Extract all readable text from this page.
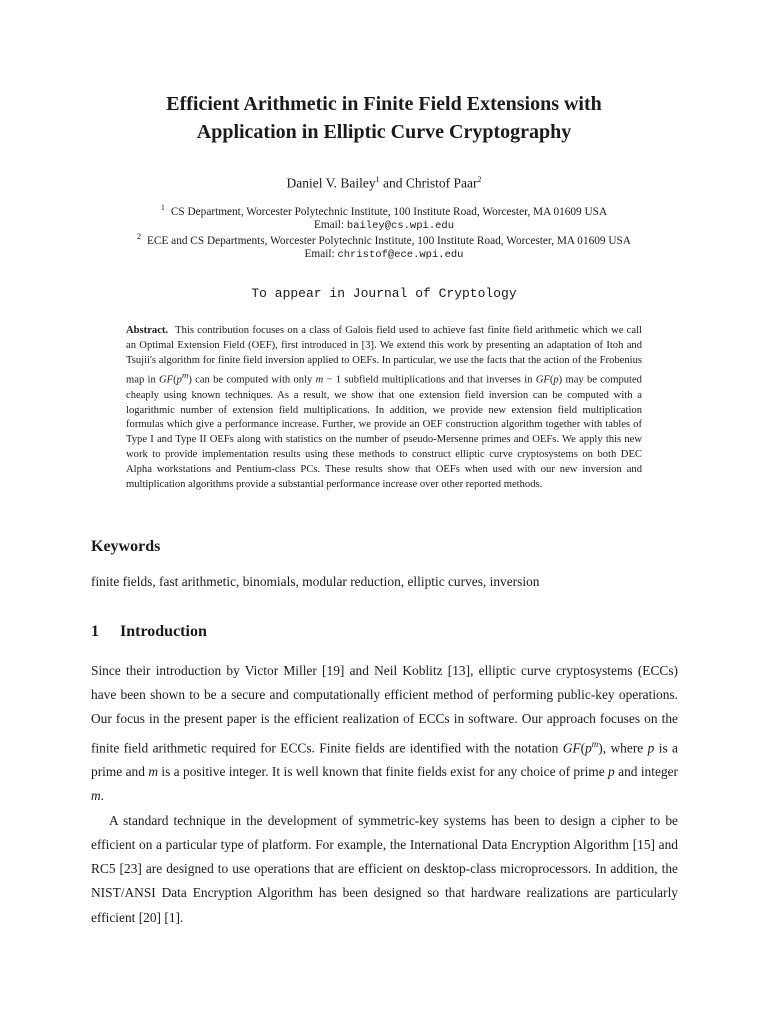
Efficient Arithmetic in Finite Field Extensions with
Application in Elliptic Curve Cryptography
Daniel V. Bailey$^1$ and Christof Paar$^2$
$^1$ CS Department, Worcester Polytechnic Institute, 100 Institute Road, Worcester, MA 01609 USA
Email: bailey@cs.wpi.edu
$^2$ ECE and CS Departments, Worcester Polytechnic Institute, 100 Institute Road, Worcester, MA 01609 USA
Email: christof@ece.wpi.edu
To appear in Journal of Cryptology
Abstract. This contribution focuses on a class of Galois field used to achieve fast finite field arithmetic which we call an Optimal Extension Field (OEF), first introduced in [3]. We extend this work by presenting an adaptation of Itoh and Tsujii's algorithm for finite field inversion applied to OEFs. In particular, we use the facts that the action of the Frobenius map in $GF(p^m)$ can be computed with only m − 1 subfield multiplications and that inverses in GF(p) may be computed cheaply using known techniques. As a result, we show that one extension field inversion can be computed with a logarithmic number of extension field multiplications. In addition, we provide new extension field multiplication formulas which give a performance increase. Further, we provide an OEF construction algorithm together with tables of Type I and Type II OEFs along with statistics on the number of pseudo-Mersenne primes and OEFs. We apply this new work to provide implementation results using these methods to construct elliptic curve cryptosystems on both DEC Alpha workstations and Pentium-class PCs. These results show that OEFs when used with our new inversion and multiplication algorithms provide a substantial performance increase over other reported methods.
Keywords
finite fields, fast arithmetic, binomials, modular reduction, elliptic curves, inversion
1 Introduction

Since their introduction by Victor Miller [19] and Neil Koblitz [13], elliptic curve cryptosystems (ECCs) have been shown to be a secure and computationally efficient method of performing public-key operations. Our focus in the present paper is the efficient realization of ECCs in software. Our approach focuses on the finite field arithmetic required for ECCs. Finite fields are identified with the notation $GF(p^m)$, where p is a prime and m is a positive integer. It is well known that finite fields exist for any choice of prime p and integer m.

A standard technique in the development of symmetric-key systems has been to design a cipher to be efficient on a particular type of platform. For example, the International Data Encryption Algorithm [15] and RC5 [23] are designed to use operations that are efficient on desktop-class microprocessors. In addition, the NIST/ANSI Data Encryption Algorithm has been designed so that hardware realizations are particularly efficient [20] [1].
